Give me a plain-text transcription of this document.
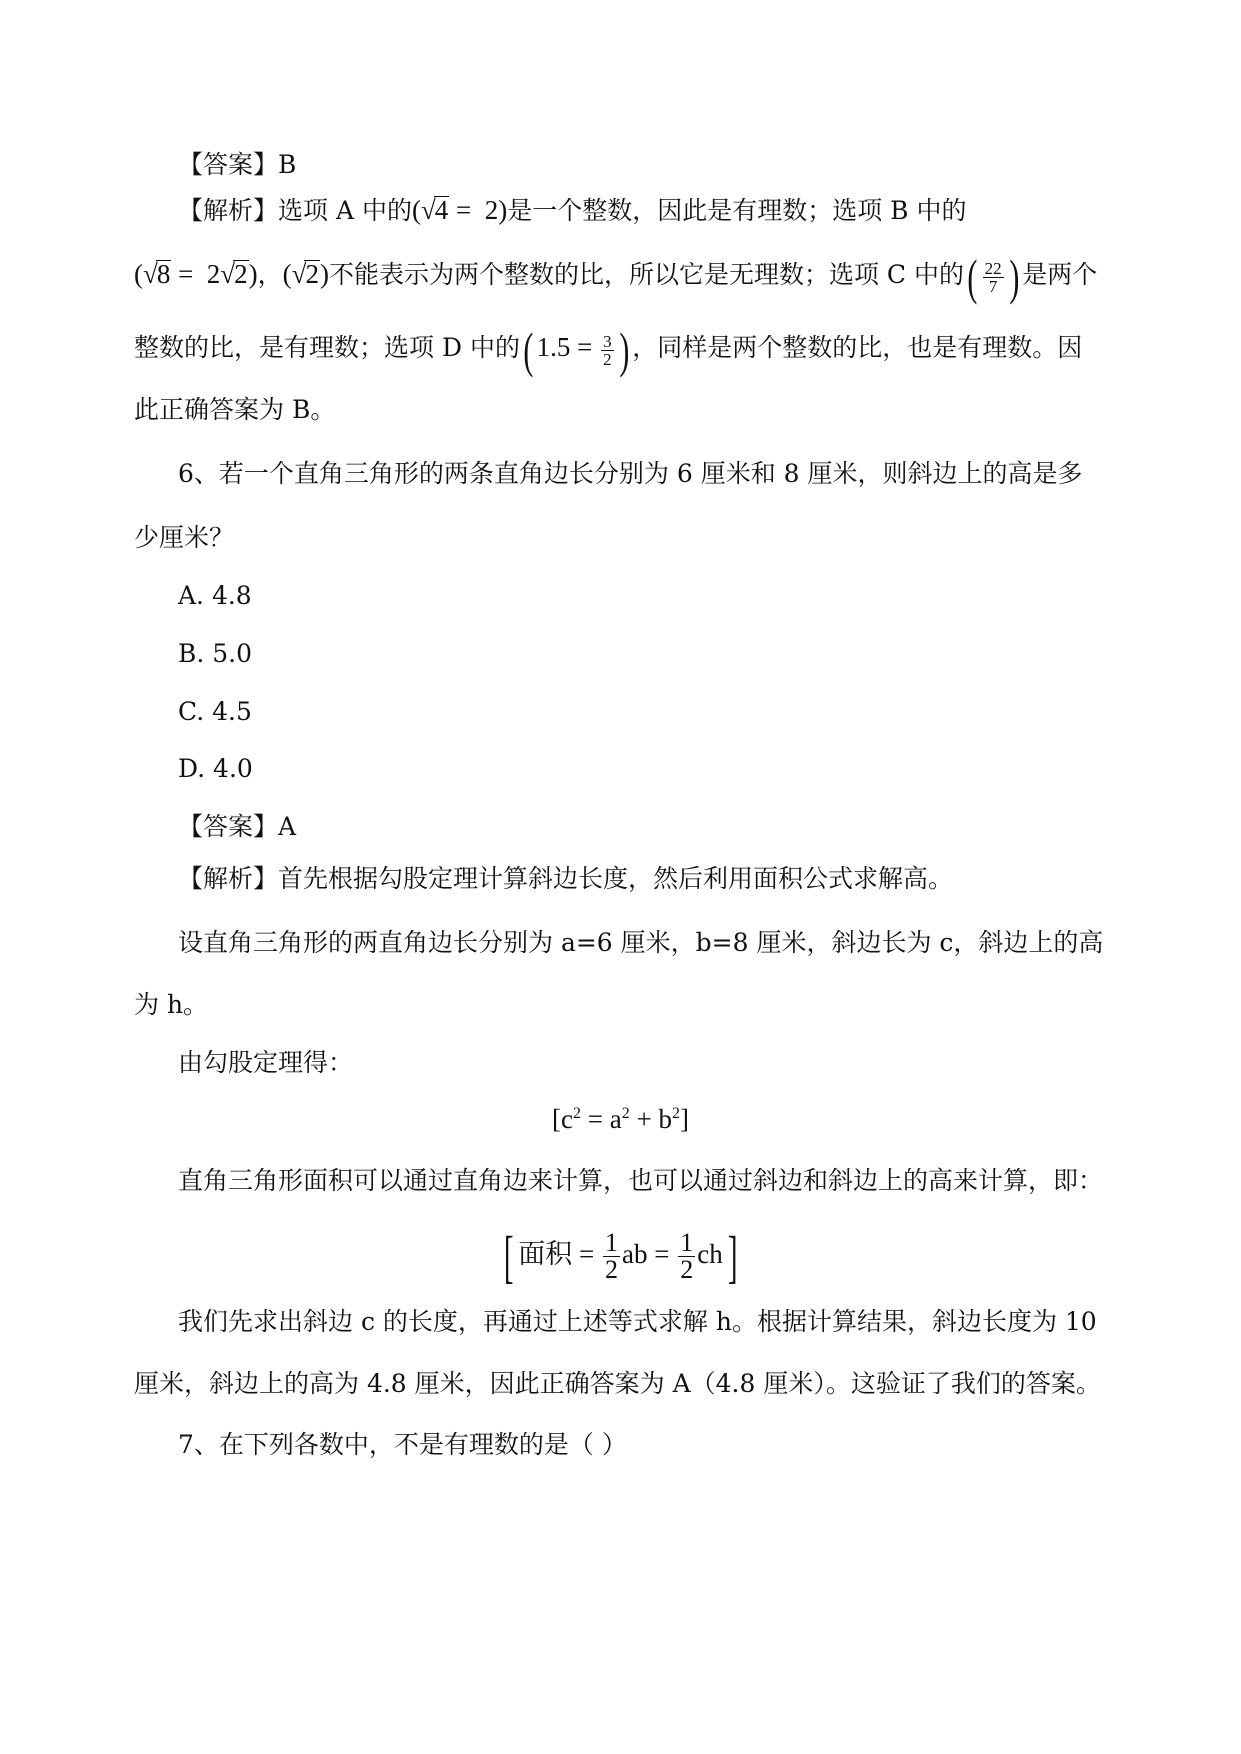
【答案】B
【解析】选项 A 中的(√4 =  2)是一个整数，因此是有理数；选项 B 中的
(√8 =  2√2)，(√2)不能表示为两个整数的比，所以它是无理数；选项 C 中的( $\frac{22}{7}$ ) 是两个
整数的比，是有理数；选项 D 中的( $1.5 = \frac{3}{2}$ ) ，同样是两个整数的比，也是有理数。因
此正确答案为 B。
6、若一个直角三角形的两条直角边长分别为 6 厘米和 8 厘米，则斜边上的高是多
少厘米？
A. 4.8
B. 5.0
C. 4.5
D. 4.0
【答案】A
【解析】首先根据勾股定理计算斜边长度，然后利用面积公式求解高。
设直角三角形的两直角边长分别为 a=6 厘米，b=8 厘米，斜边长为 c，斜边上的高
为 h。
由勾股定理得：
$[c^2 = a^2 + b^2]$
直角三角形面积可以通过直角边来计算，也可以通过斜边和斜边上的高来计算，即：
[ 面积 = $\frac{1}{2}$ ab = $\frac{1}{2} ch$]
我们先求出斜边 c 的长度，再通过上述等式求解 h。根据计算结果，斜边长度为 10
厘米，斜边上的高为 4.8 厘米，因此正确答案为 A（4.8 厘米）。这验证了我们的答案。
7、在下列各数中，不是有理数的是（ ）
